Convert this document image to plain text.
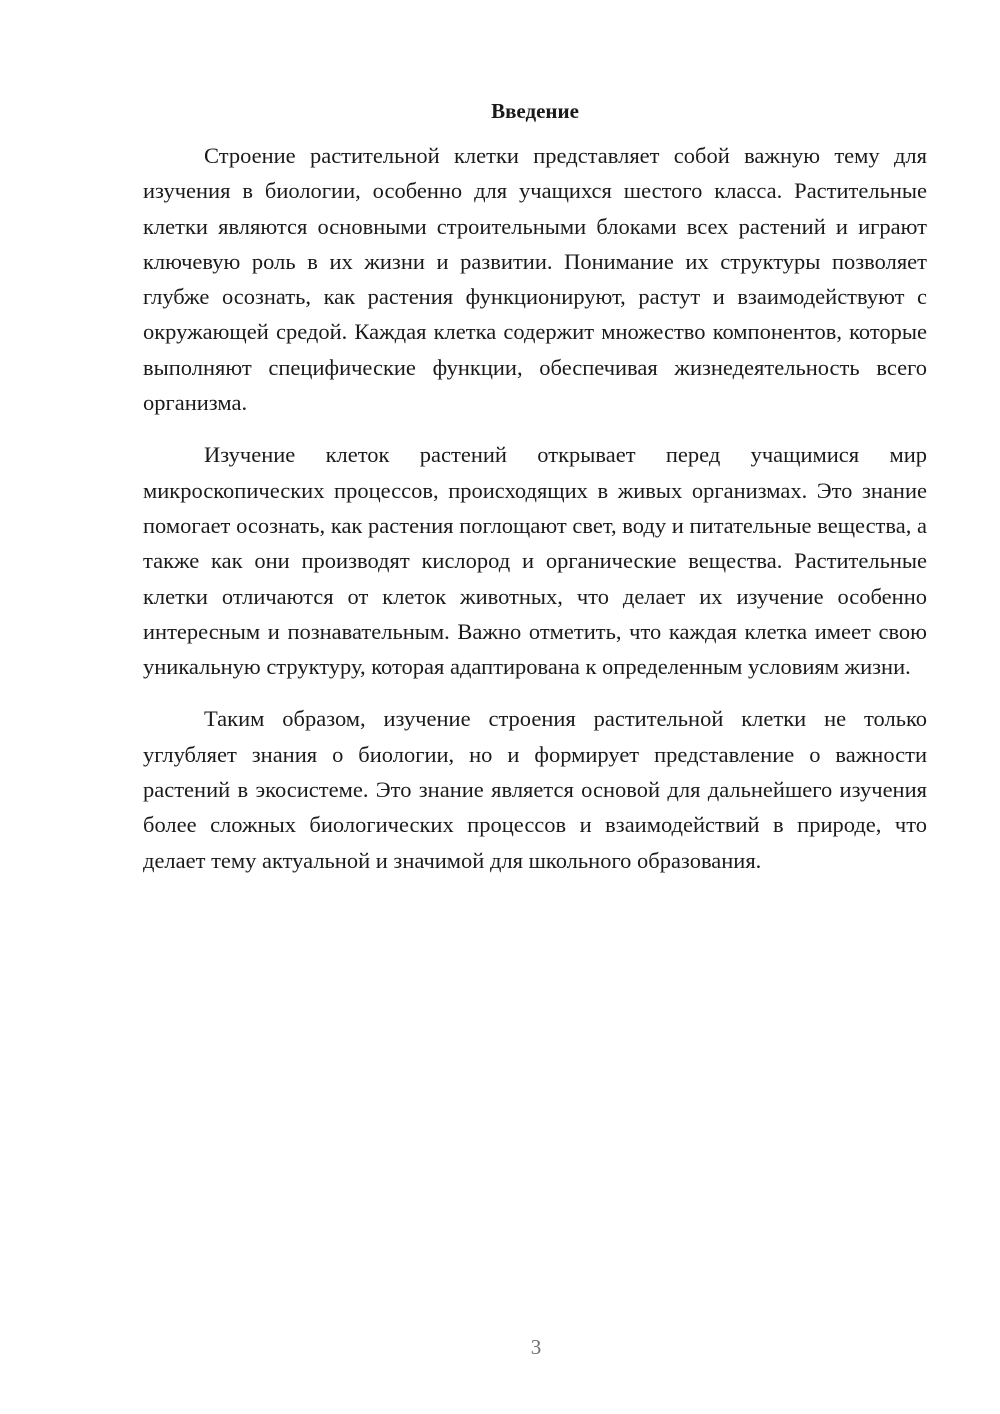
Введение

Строение растительной клетки представляет собой важную тему для изучения в биологии, особенно для учащихся шестого класса. Растительные клетки являются основными строительными блоками всех растений и играют ключевую роль в их жизни и развитии. Понимание их структуры позволяет глубже осознать, как растения функционируют, растут и взаимодействуют с окружающей средой. Каждая клетка содержит множество компонентов, которые выполняют специфические функции, обеспечивая жизнедеятельность всего организма.

Изучение клеток растений открывает перед учащимися мир микроскопических процессов, происходящих в живых организмах. Это знание помогает осознать, как растения поглощают свет, воду и питательные вещества, а также как они производят кислород и органические вещества. Растительные клетки отличаются от клеток животных, что делает их изучение особенно интересным и познавательным. Важно отметить, что каждая клетка имеет свою уникальную структуру, которая адаптирована к определенным условиям жизни.

Таким образом, изучение строения растительной клетки не только углубляет знания о биологии, но и формирует представление о важности растений в экосистеме. Это знание является основой для дальнейшего изучения более сложных биологических процессов и взаимодействий в природе, что делает тему актуальной и значимой для школьного образования.

3
